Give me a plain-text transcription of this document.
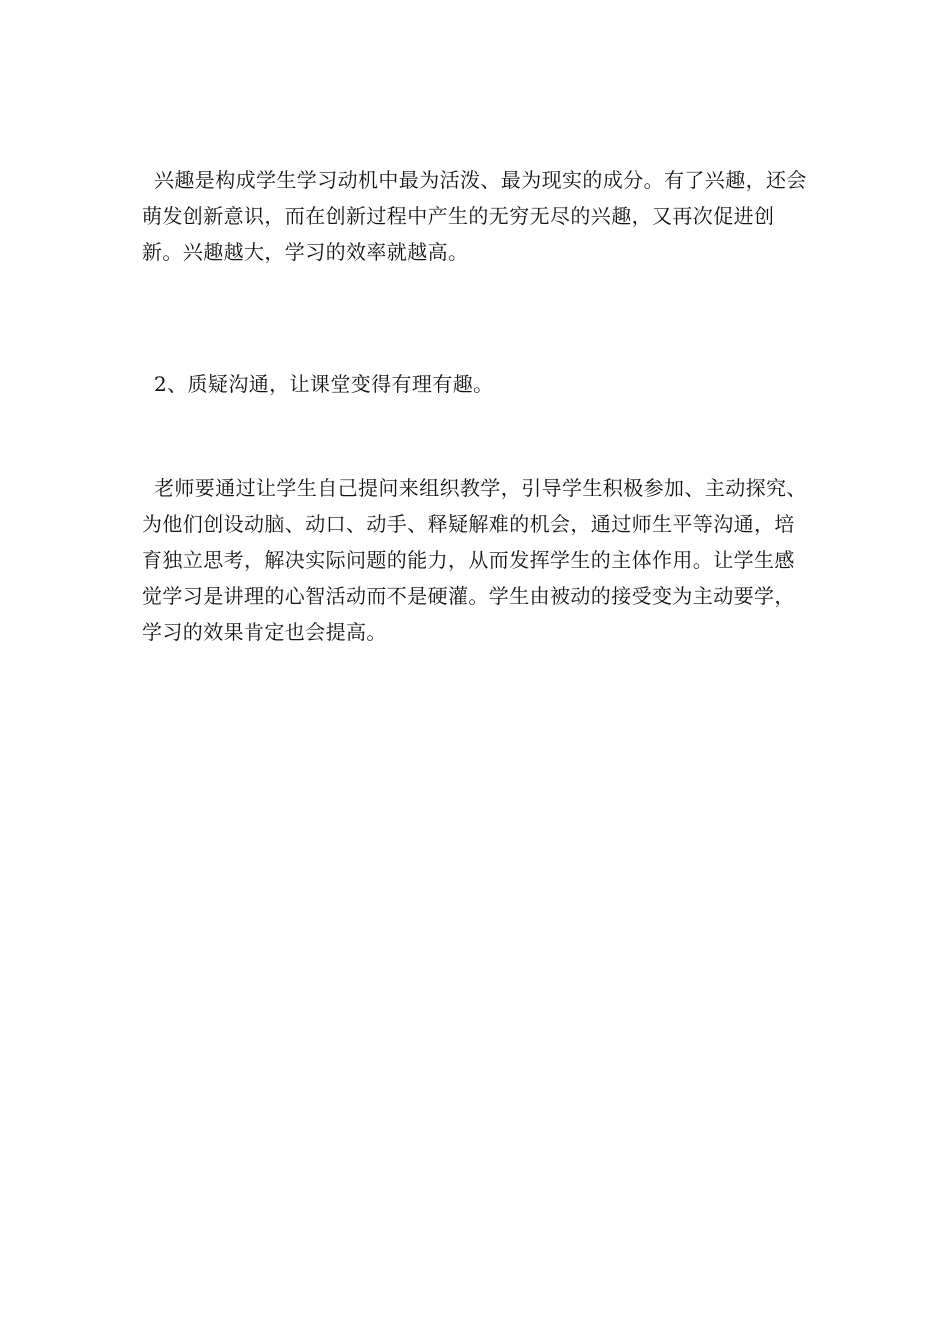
兴趣是构成学生学习动机中最为活泼、最为现实的成分。有了兴趣，还会萌发创新意识，而在创新过程中产生的无穷无尽的兴趣，又再次促进创新。兴趣越大，学习的效率就越高。

2、质疑沟通，让课堂变得有理有趣。

老师要通过让学生自己提问来组织教学，引导学生积极参加、主动探究、为他们创设动脑、动口、动手、释疑解难的机会，通过师生平等沟通，培育独立思考，解决实际问题的能力，从而发挥学生的主体作用。让学生感觉学习是讲理的心智活动而不是硬灌。学生由被动的接受变为主动要学，学习的效果肯定也会提高。
